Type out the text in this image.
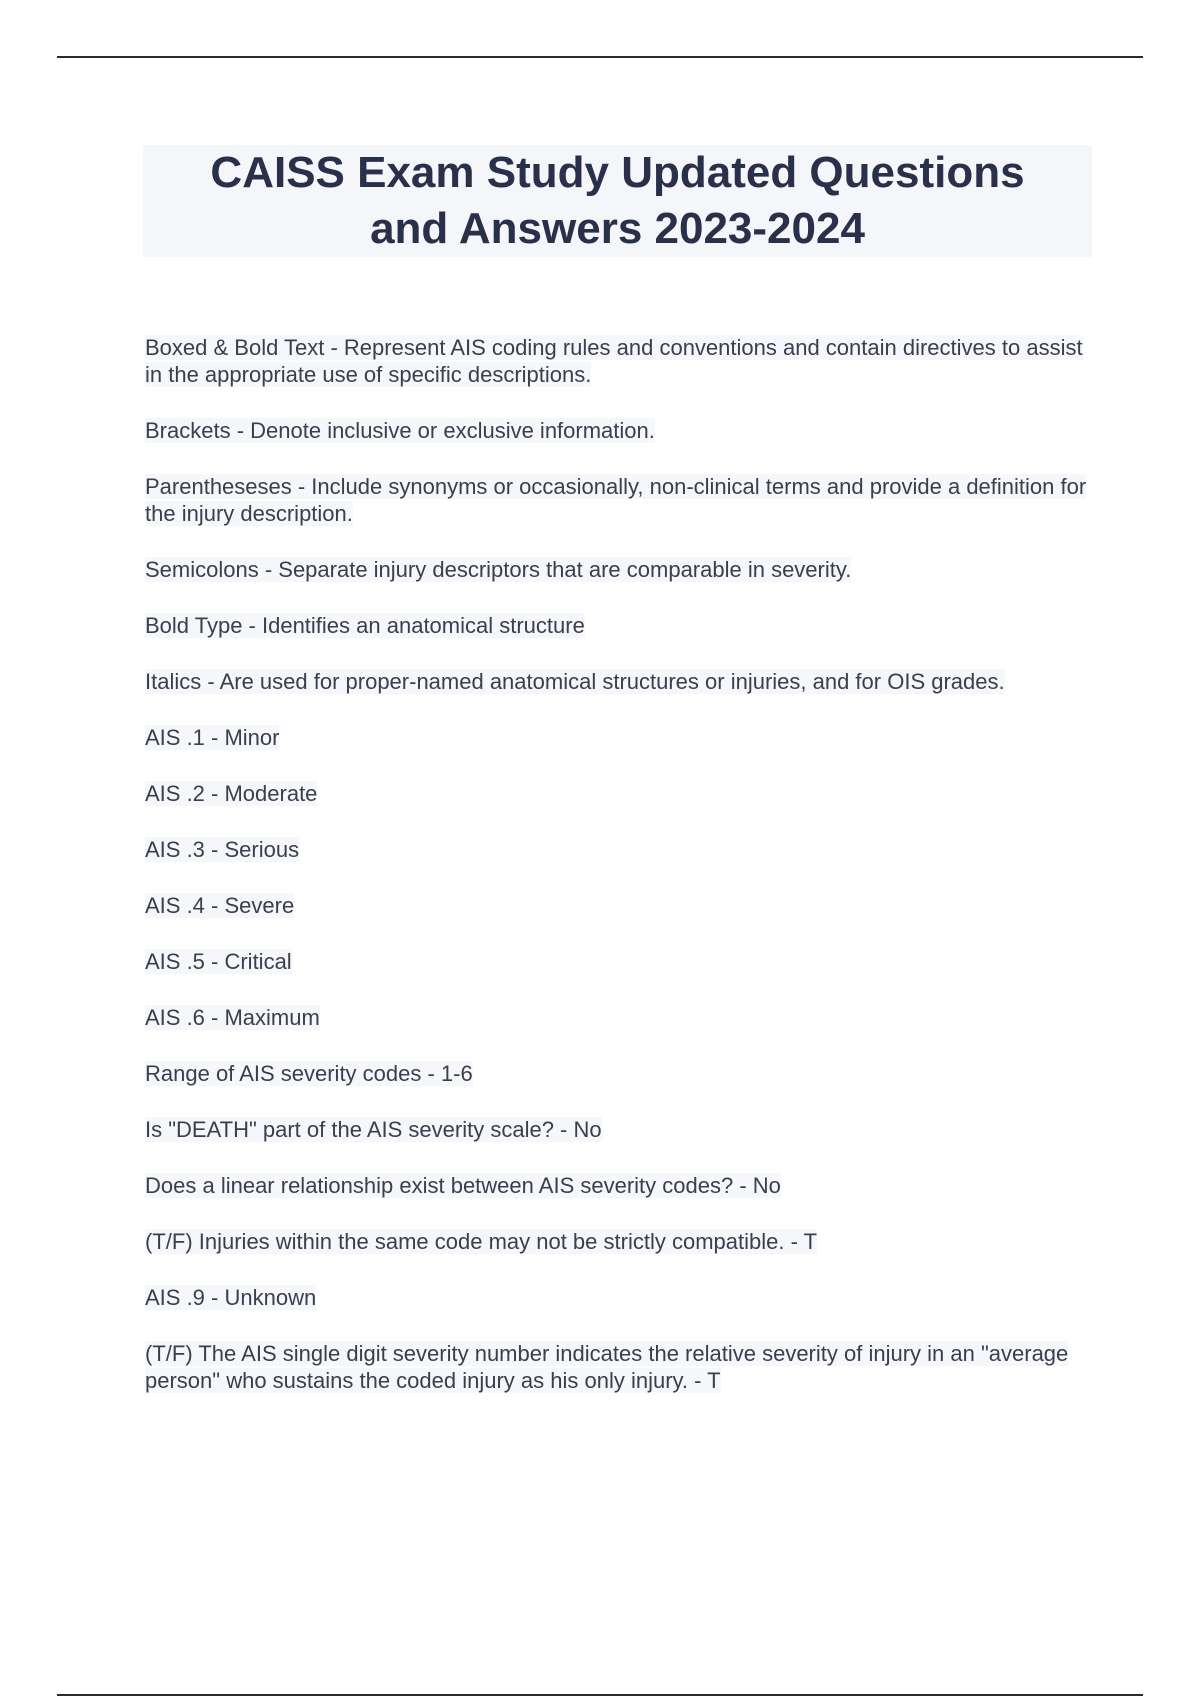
CAISS Exam Study Updated Questions
and Answers 2023-2024

Boxed & Bold Text - Represent AIS coding rules and conventions and contain directives to assist in the appropriate use of specific descriptions.

Brackets - Denote inclusive or exclusive information.

Parentheseses - Include synonyms or occasionally, non-clinical terms and provide a definition for the injury description.

Semicolons - Separate injury descriptors that are comparable in severity.

Bold Type - Identifies an anatomical structure

Italics - Are used for proper-named anatomical structures or injuries, and for OIS grades.

AIS .1 - Minor

AIS .2 - Moderate

AIS .3 - Serious

AIS .4 - Severe

AIS .5 - Critical

AIS .6 - Maximum

Range of AIS severity codes - 1-6

Is "DEATH" part of the AIS severity scale? - No

Does a linear relationship exist between AIS severity codes? - No

(T/F) Injuries within the same code may not be strictly compatible. - T

AIS .9 - Unknown

(T/F) The AIS single digit severity number indicates the relative severity of injury in an "average person" who sustains the coded injury as his only injury. - T
